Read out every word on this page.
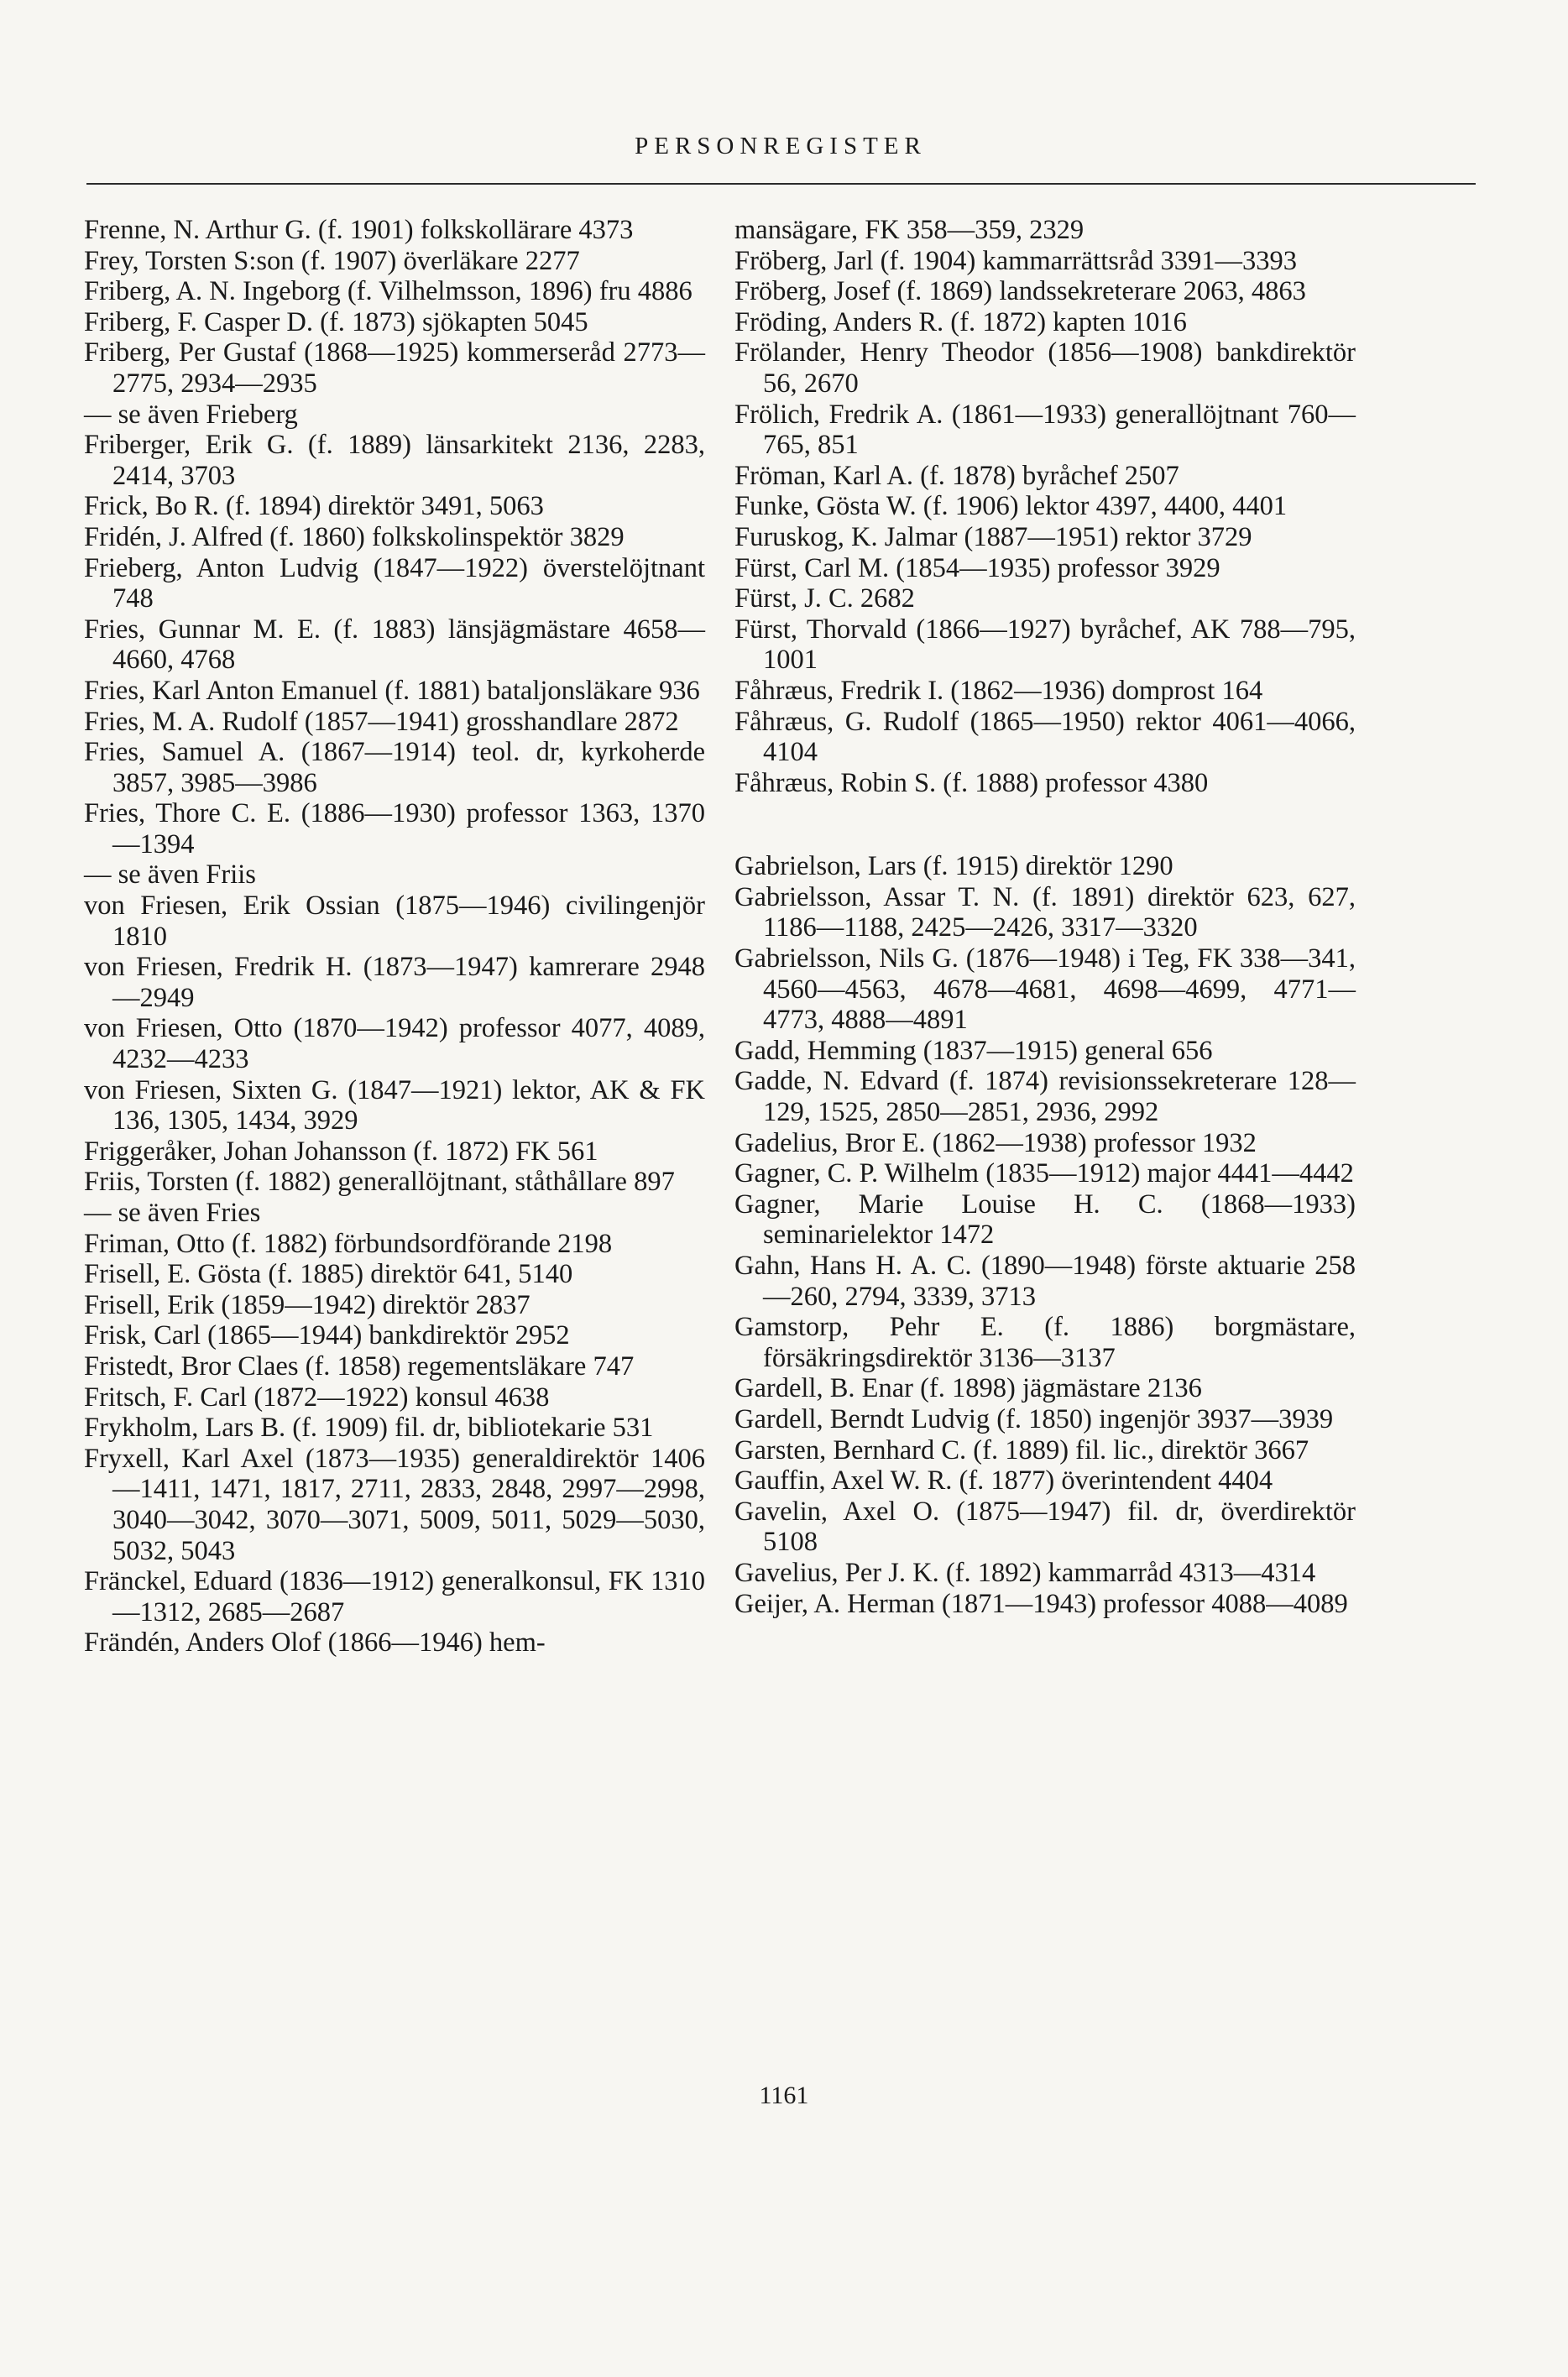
PERSONREGISTER
Frenne, N. Arthur G. (f. 1901) folkskollärare 4373
Frey, Torsten S:son (f. 1907) överläkare 2277
Friberg, A. N. Ingeborg (f. Vilhelmsson, 1896) fru 4886
Friberg, F. Casper D. (f. 1873) sjökapten 5045
Friberg, Per Gustaf (1868—1925) kommerseråd 2773—2775, 2934—2935
— se även Frieberg
Friberger, Erik G. (f. 1889) länsarkitekt 2136, 2283, 2414, 3703
Frick, Bo R. (f. 1894) direktör 3491, 5063
Fridén, J. Alfred (f. 1860) folkskolinspektör 3829
Frieberg, Anton Ludvig (1847—1922) överstelöjtnant 748
Fries, Gunnar M. E. (f. 1883) länsjägmästare 4658—4660, 4768
Fries, Karl Anton Emanuel (f. 1881) bataljonsläkare 936
Fries, M. A. Rudolf (1857—1941) grosshandlare 2872
Fries, Samuel A. (1867—1914) teol. dr, kyrkoherde 3857, 3985—3986
Fries, Thore C. E. (1886—1930) professor 1363, 1370—1394
— se även Friis
von Friesen, Erik Ossian (1875—1946) civilingenjör 1810
von Friesen, Fredrik H. (1873—1947) kamrerare 2948—2949
von Friesen, Otto (1870—1942) professor 4077, 4089, 4232—4233
von Friesen, Sixten G. (1847—1921) lektor, AK & FK 136, 1305, 1434, 3929
Friggeråker, Johan Johansson (f. 1872) FK 561
Friis, Torsten (f. 1882) generallöjtnant, ståthållare 897
— se även Fries
Friman, Otto (f. 1882) förbundsordförande 2198
Frisell, E. Gösta (f. 1885) direktör 641, 5140
Frisell, Erik (1859—1942) direktör 2837
Frisk, Carl (1865—1944) bankdirektör 2952
Fristedt, Bror Claes (f. 1858) regementsläkare 747
Fritsch, F. Carl (1872—1922) konsul 4638
Frykholm, Lars B. (f. 1909) fil. dr, bibliotekarie 531
Fryxell, Karl Axel (1873—1935) generaldirektör 1406—1411, 1471, 1817, 2711, 2833, 2848, 2997—2998, 3040—3042, 3070—3071, 5009, 5011, 5029—5030, 5032, 5043
Fränckel, Eduard (1836—1912) generalkonsul, FK 1310—1312, 2685—2687
Frändén, Anders Olof (1866—1946) hem-
mansägare, FK 358—359, 2329
Fröberg, Jarl (f. 1904) kammarrättsråd 3391—3393
Fröberg, Josef (f. 1869) landssekreterare 2063, 4863
Fröding, Anders R. (f. 1872) kapten 1016
Frölander, Henry Theodor (1856—1908) bankdirektör 56, 2670
Frölich, Fredrik A. (1861—1933) generallöjtnant 760—765, 851
Fröman, Karl A. (f. 1878) byråchef 2507
Funke, Gösta W. (f. 1906) lektor 4397, 4400, 4401
Furuskog, K. Jalmar (1887—1951) rektor 3729
Fürst, Carl M. (1854—1935) professor 3929
Fürst, J. C. 2682
Fürst, Thorvald (1866—1927) byråchef, AK 788—795, 1001
Fåhræus, Fredrik I. (1862—1936) domprost 164
Fåhræus, G. Rudolf (1865—1950) rektor 4061—4066, 4104
Fåhræus, Robin S. (f. 1888) professor 4380
Gabrielson, Lars (f. 1915) direktör 1290
Gabrielsson, Assar T. N. (f. 1891) direktör 623, 627, 1186—1188, 2425—2426, 3317—3320
Gabrielsson, Nils G. (1876—1948) i Teg, FK 338—341, 4560—4563, 4678—4681, 4698—4699, 4771—4773, 4888—4891
Gadd, Hemming (1837—1915) general 656
Gadde, N. Edvard (f. 1874) revisionssekreterare 128—129, 1525, 2850—2851, 2936, 2992
Gadelius, Bror E. (1862—1938) professor 1932
Gagner, C. P. Wilhelm (1835—1912) major 4441—4442
Gagner, Marie Louise H. C. (1868—1933) seminarielektor 1472
Gahn, Hans H. A. C. (1890—1948) förste aktuarie 258—260, 2794, 3339, 3713
Gamstorp, Pehr E. (f. 1886) borgmästare, försäkringsdirektör 3136—3137
Gardell, B. Enar (f. 1898) jägmästare 2136
Gardell, Berndt Ludvig (f. 1850) ingenjör 3937—3939
Garsten, Bernhard C. (f. 1889) fil. lic., direktör 3667
Gauffin, Axel W. R. (f. 1877) överintendent 4404
Gavelin, Axel O. (1875—1947) fil. dr, överdirektör 5108
Gavelius, Per J. K. (f. 1892) kammarråd 4313—4314
Geijer, A. Herman (1871—1943) professor 4088—4089
1161
